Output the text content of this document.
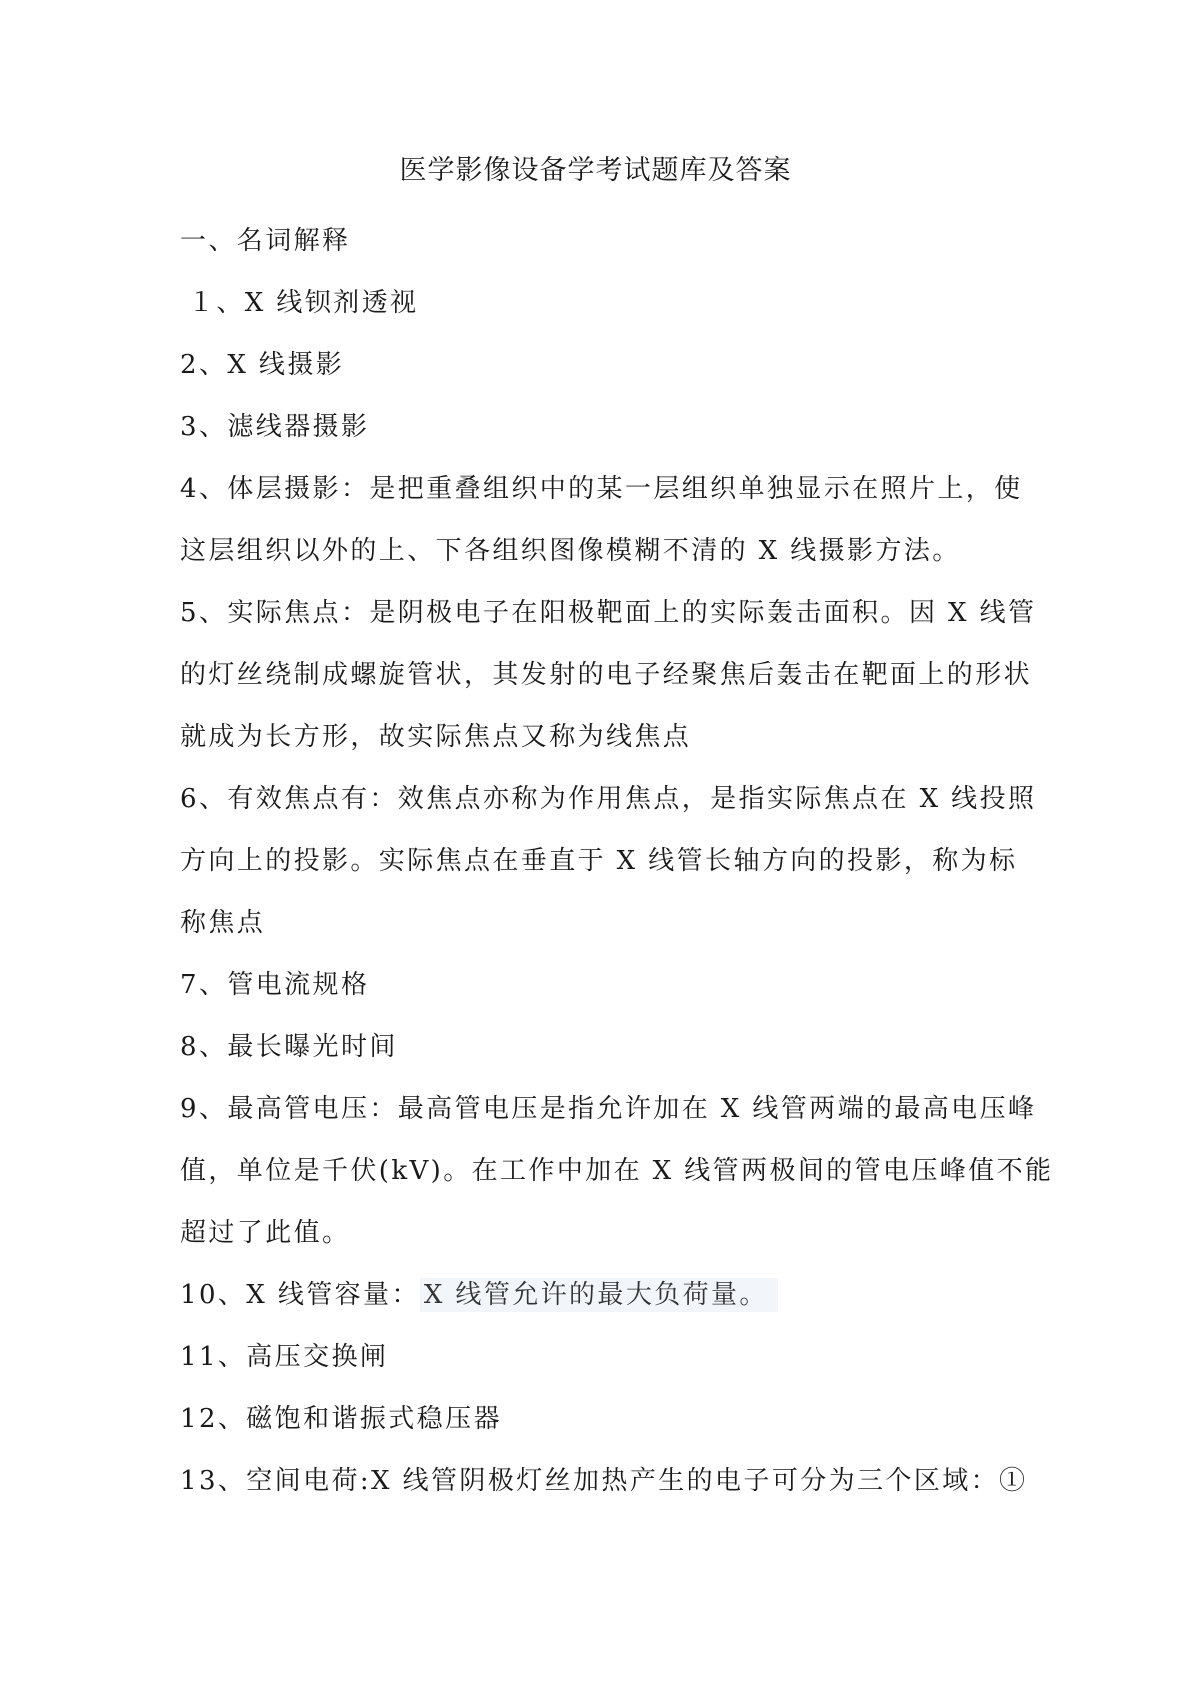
医学影像设备学考试题库及答案
一、名词解释
１、X 线钡剂透视
2、X 线摄影
3、滤线器摄影
4、体层摄影：是把重叠组织中的某一层组织单独显示在照片上，使
这层组织以外的上、下各组织图像模糊不清的 X 线摄影方法。
5、实际焦点：是阴极电子在阳极靶面上的实际轰击面积。因 X 线管
的灯丝绕制成螺旋管状，其发射的电子经聚焦后轰击在靶面上的形状
就成为长方形，故实际焦点又称为线焦点
6、有效焦点有：效焦点亦称为作用焦点，是指实际焦点在 X 线投照
方向上的投影。实际焦点在垂直于 X 线管长轴方向的投影，称为标
称焦点
7、管电流规格
8、最长曝光时间
9、最高管电压：最高管电压是指允许加在 X 线管两端的最高电压峰
值，单位是千伏(kV)。在工作中加在 X 线管两极间的管电压峰值不能
超过了此值。
10、X 线管容量： X 线管允许的最大负荷量。
11、高压交换闸
12、磁饱和谐振式稳压器
13、空间电荷:X 线管阴极灯丝加热产生的电子可分为三个区域：①
